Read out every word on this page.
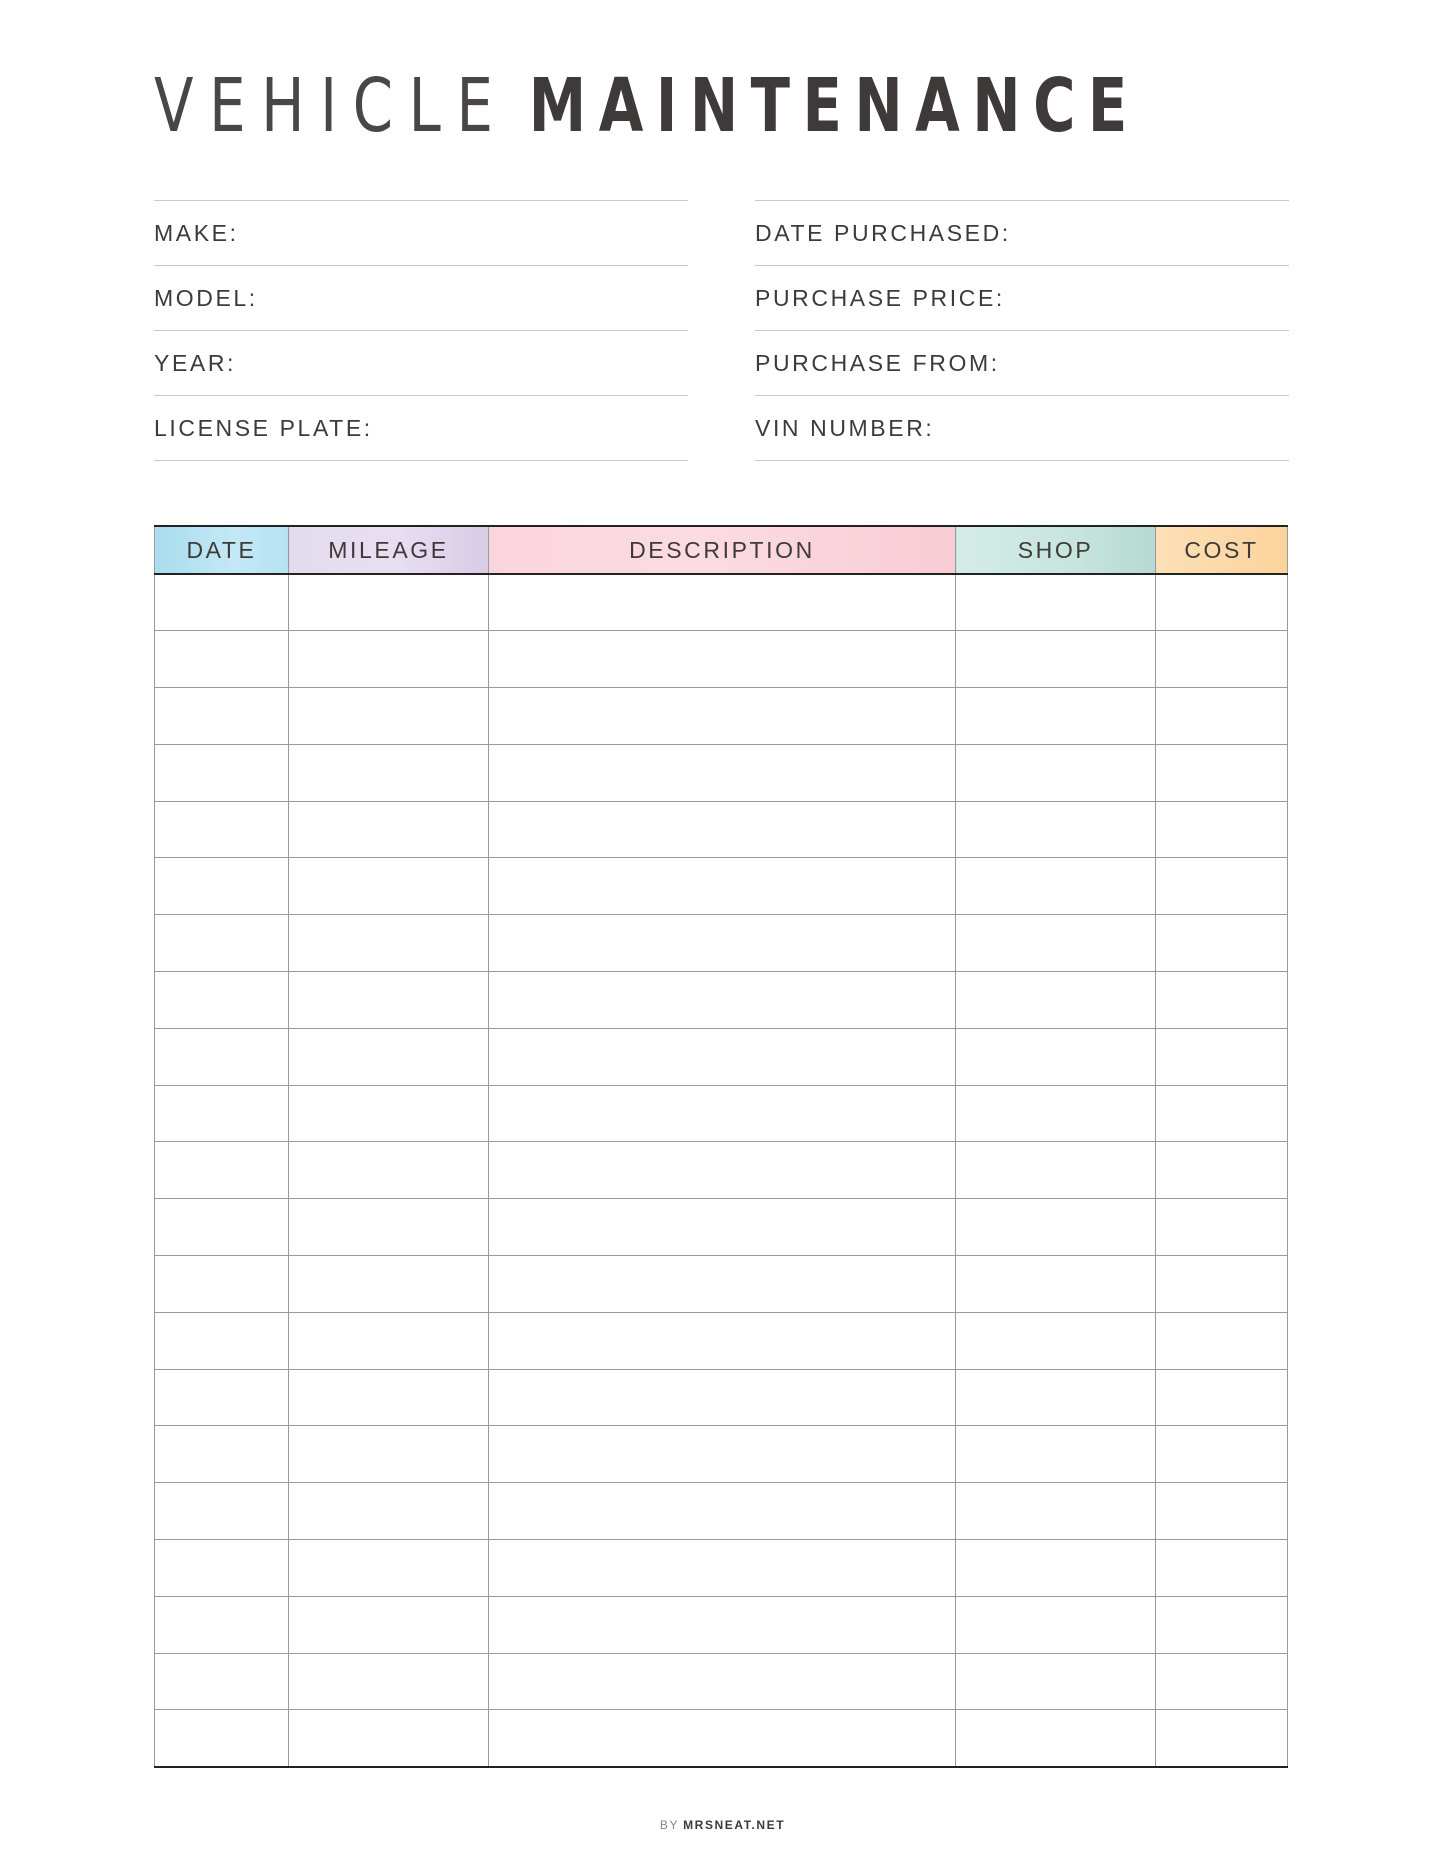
VEHICLE MAINTENANCE
MAKE:
MODEL:
YEAR:
LICENSE PLATE:
DATE PURCHASED:
PURCHASE PRICE:
PURCHASE FROM:
VIN NUMBER:
DATE	MILEAGE	DESCRIPTION	SHOP	COST

BY MRSNEAT.NET
